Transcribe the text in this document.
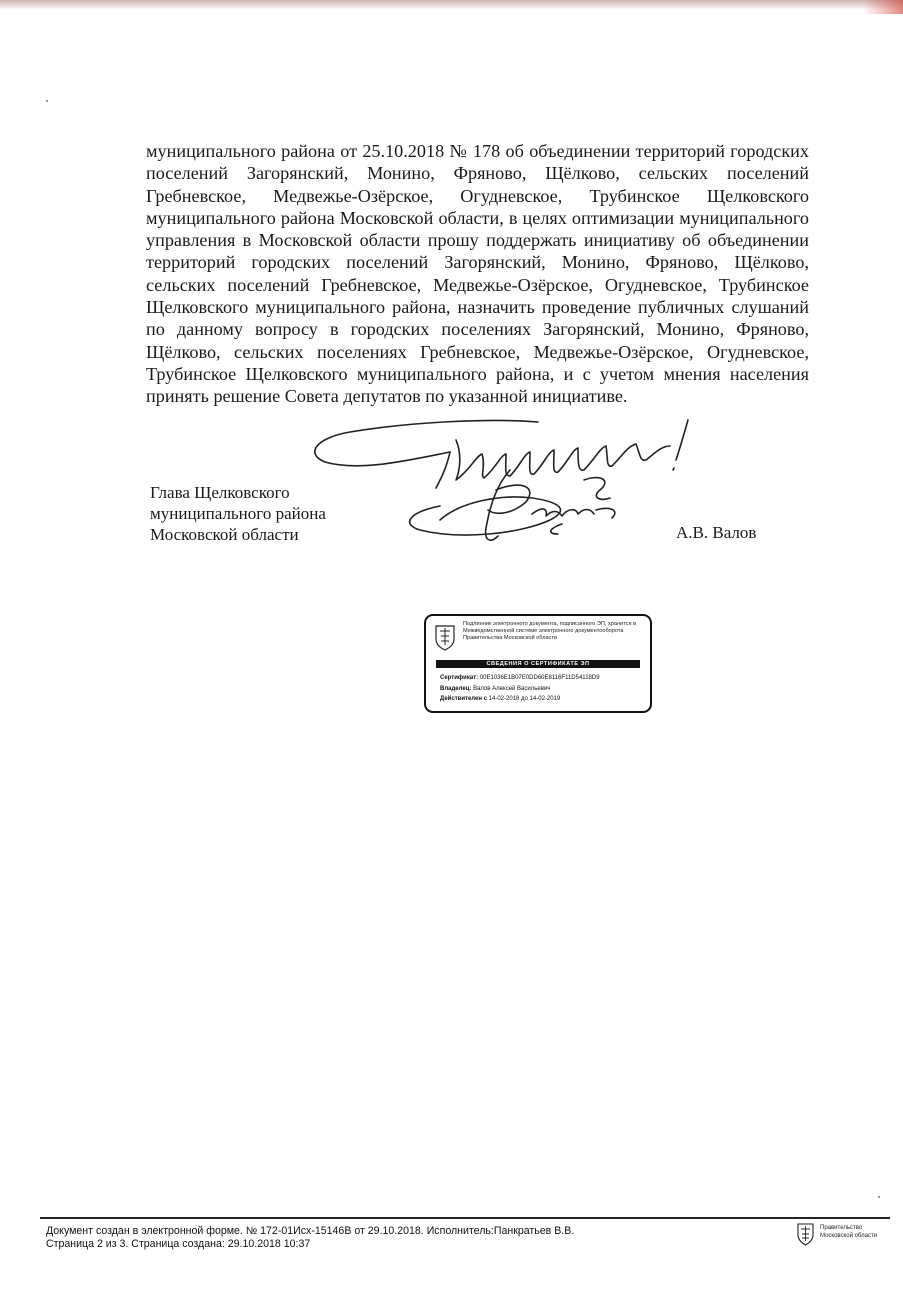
муниципального района от 25.10.2018 № 178 об объединении территорий городских поселений Загорянский, Монино, Фряново, Щёлково, сельских поселений Гребневское, Медвежье-Озёрское, Огудневское, Трубинское Щелковского муниципального района Московской области, в целях оптимизации муниципального управления в Московской области прошу поддержать инициативу об объединении территорий городских поселений Загорянский, Монино, Фряново, Щёлково, сельских поселений Гребневское, Медвежье-Озёрское, Огудневское, Трубинское Щелковского муниципального района, назначить проведение публичных слушаний по данному вопросу в городских поселениях Загорянский, Монино, Фряново, Щёлково, сельских поселениях Гребневское, Медвежье-Озёрское, Огудневское, Трубинское Щелковского муниципального района, и с учетом мнения населения принять решение Совета депутатов по указанной инициативе.

Глава Щелковского
муниципального района
Московской области
Поддержать!
А.В. Валов
Подлинник электронного документа, подписанного ЭП, хранится в Межведомственной системе электронного документооборота Правительства Московской области
СВЕДЕНИЯ О СЕРТИФИКАТЕ ЭП
Сертификат: 00E1036E1B07E0DD60E8116F11D54118D9
Владелец: Валов Алексей Васильевич
Действителен с 14-02-2018 до 14-02-2019
Документ создан в электронной форме. № 172-01Исх-15146В от 29.10.2018. Исполнитель:Панкратьев В.В.
Страница 2 из 3. Страница создана: 29.10.2018 10:37
Правительство
Московской области
